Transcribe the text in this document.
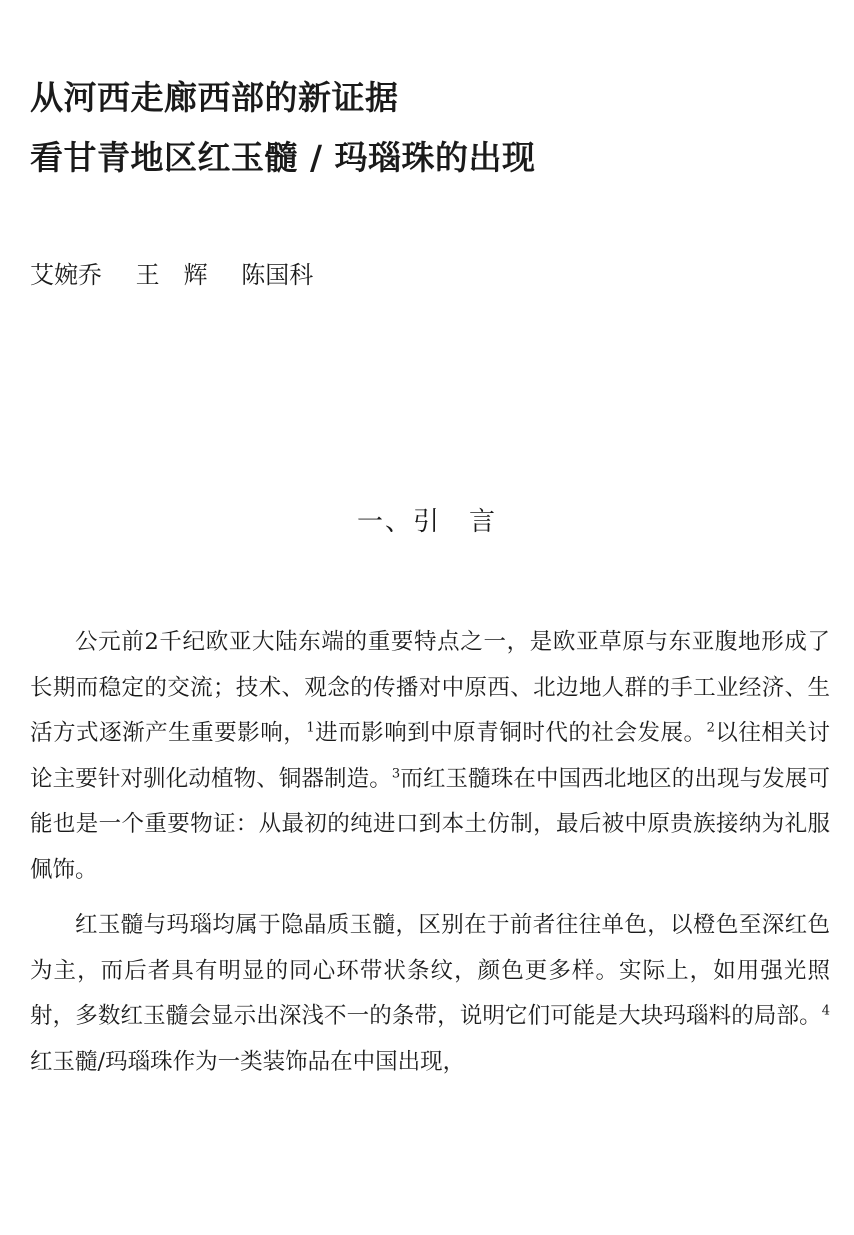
从河西走廊西部的新证据
看甘青地区红玉髓 / 玛瑙珠的出现
艾婉乔 王　辉 陈国科
一、引　言

公元前2千纪欧亚大陆东端的重要特点之一，是欧亚草原与东亚腹地形成了长期而稳定的交流；技术、观念的传播对中原西、北边地人群的手工业经济、生活方式逐渐产生重要影响，$^1$进而影响到中原青铜时代的社会发展。$^2$以往相关讨论主要针对驯化动植物、铜器制造。$^3$而红玉髓珠在中国西北地区的出现与发展可能也是一个重要物证：从最初的纯进口到本土仿制，最后被中原贵族接纳为礼服佩饰。

红玉髓与玛瑙均属于隐晶质玉髓，区别在于前者往往单色，以橙色至深红色为主，而后者具有明显的同心环带状条纹，颜色更多样。实际上，如用强光照射，多数红玉髓会显示出深浅不一的条带，说明它们可能是大块玛瑙料的局部。$^4$红玉髓/玛瑙珠作为一类装饰品在中国出现，
